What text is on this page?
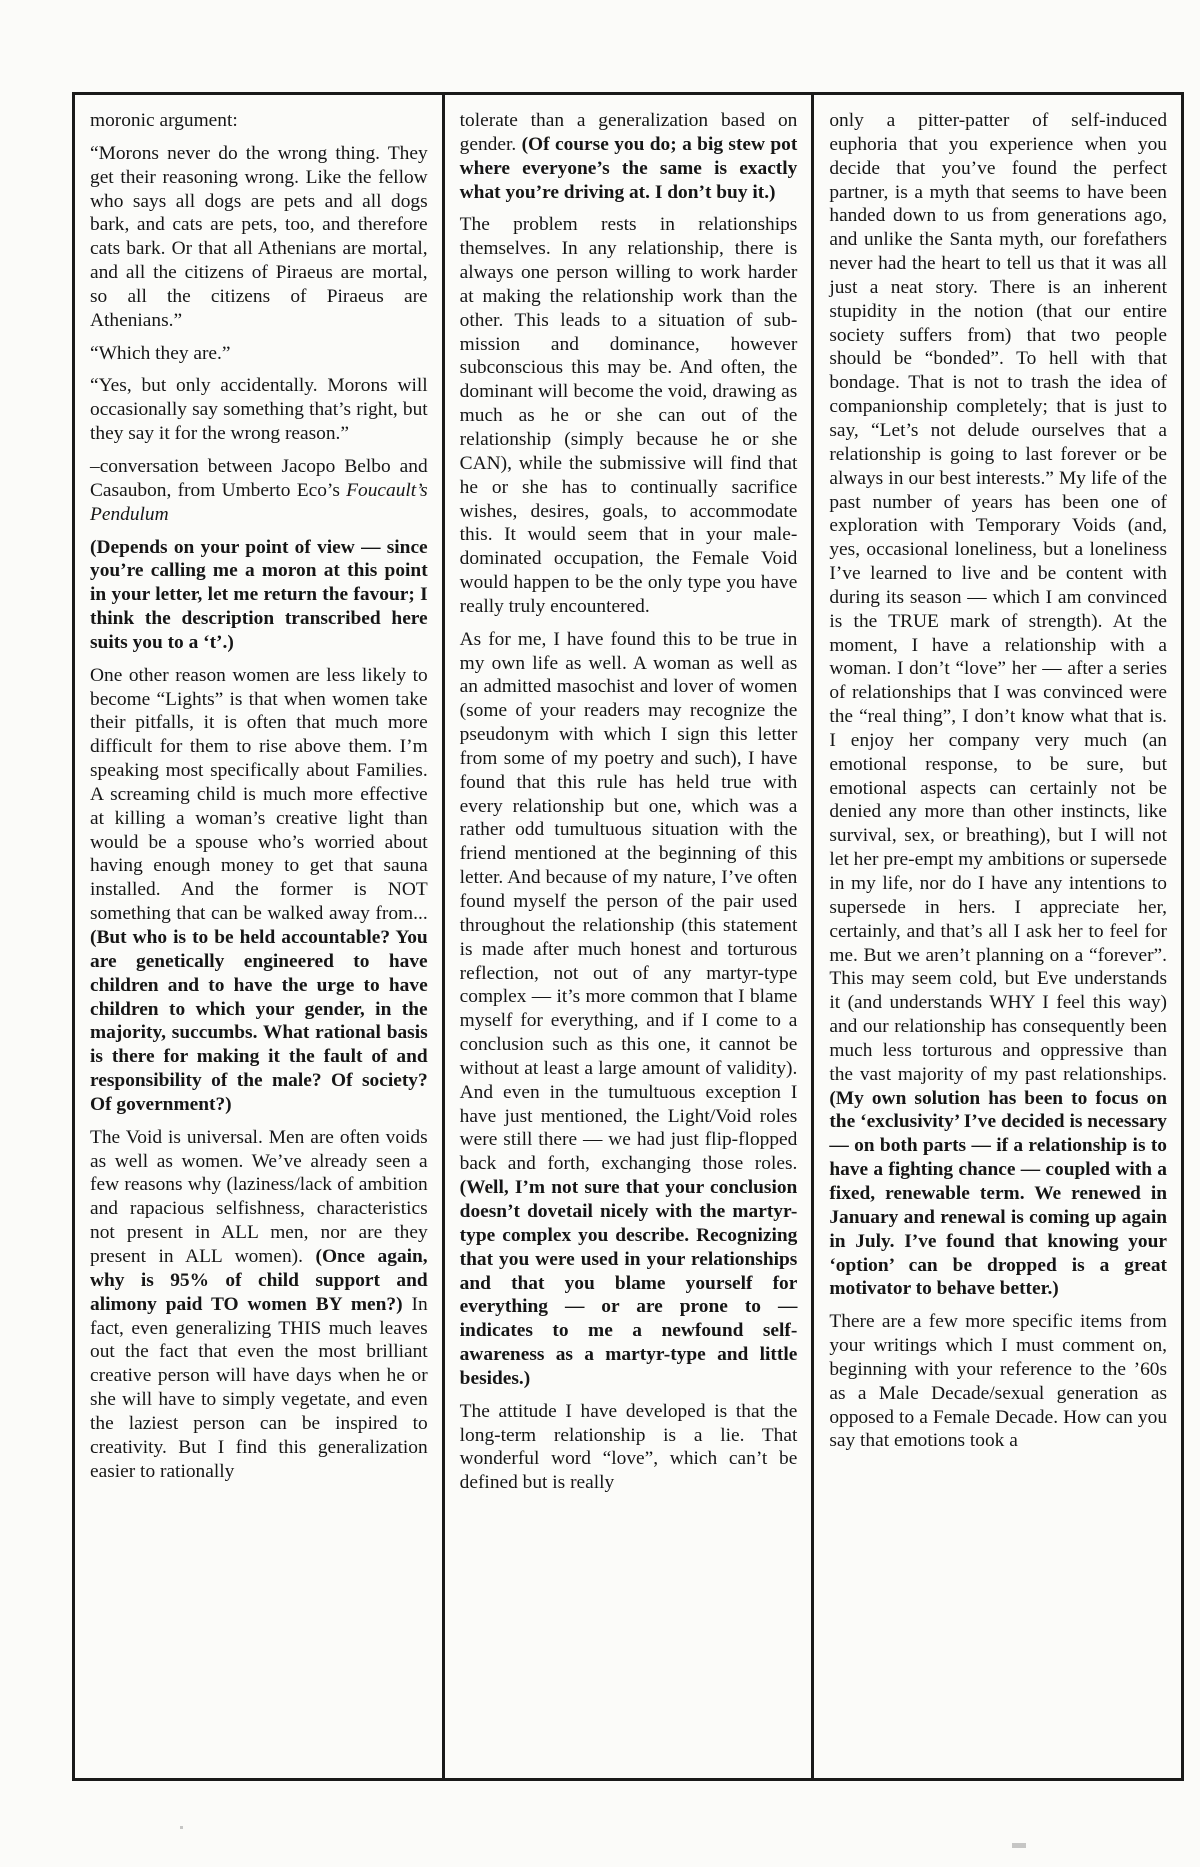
moronic argument:

“Morons never do the wrong thing. They get their reasoning wrong. Like the fellow who says all dogs are pets and all dogs bark, and cats are pets, too, and therefore cats bark. Or that all Athenians are mortal, and all the citizens of Piraeus are mortal, so all the citizens of Piraeus are Athenians.”

“Which they are.”

“Yes, but only accidentally. Morons will occasionally say something that’s right, but they say it for the wrong reason.”

–conversation between Jacopo Belbo and Casaubon, from Umberto Eco’s Foucault’s Pendulum

(Depends on your point of view — since you’re calling me a moron at this point in your letter, let me return the favour; I think the description transcribed here suits you to a ‘t’.)

One other reason women are less likely to become “Lights” is that when women take their pitfalls, it is often that much more difficult for them to rise above them. I’m speaking most specifically about Families. A screaming child is much more effective at killing a woman’s creative light than would be a spouse who’s worried about having enough money to get that sauna installed. And the former is NOT something that can be walked away from... (But who is to be held accountable? You are genetically engineered to have children and to have the urge to have children to which your gender, in the majority, succumbs. What rational basis is there for making it the fault of and responsibility of the male? Of society? Of government?)

The Void is universal. Men are often voids as well as women. We’ve already seen a few reasons why (laziness/lack of ambition and rapacious selfishness, characteristics not present in ALL men, nor are they present in ALL women). (Once again, why is 95% of child support and alimony paid TO women BY men?) In fact, even generalizing THIS much leaves out the fact that even the most brilliant creative person will have days when he or she will have to simply vegetate, and even the laziest person can be inspired to creativity. But I find this generalization easier to rationally

tolerate than a generalization based on gender. (Of course you do; a big stew pot where everyone’s the same is exactly what you’re driving at. I don’t buy it.)

The problem rests in relationships themselves. In any relationship, there is always one person willing to work harder at making the relationship work than the other. This leads to a situation of submission and dominance, however subconscious this may be. And often, the dominant will become the void, drawing as much as he or she can out of the relationship (simply because he or she CAN), while the submissive will find that he or she has to continually sacrifice wishes, desires, goals, to accommodate this. It would seem that in your male-dominated occupation, the Female Void would happen to be the only type you have really truly encountered.

As for me, I have found this to be true in my own life as well. A woman as well as an admitted masochist and lover of women (some of your readers may recognize the pseudonym with which I sign this letter from some of my poetry and such), I have found that this rule has held true with every relationship but one, which was a rather odd tumultuous situation with the friend mentioned at the beginning of this letter. And because of my nature, I’ve often found myself the person of the pair used throughout the relationship (this statement is made after much honest and torturous reflection, not out of any martyr-type complex — it’s more common that I blame myself for everything, and if I come to a conclusion such as this one, it cannot be without at least a large amount of validity). And even in the tumultuous exception I have just mentioned, the Light/Void roles were still there — we had just flip-flopped back and forth, exchanging those roles. (Well, I’m not sure that your conclusion doesn’t dovetail nicely with the martyr-type complex you describe. Recognizing that you were used in your relationships and that you blame yourself for everything — or are prone to — indicates to me a newfound self-awareness as a martyr-type and little besides.)

The attitude I have developed is that the long-term relationship is a lie. That wonderful word “love”, which can’t be defined but is really

only a pitter-patter of self-induced euphoria that you experience when you decide that you’ve found the perfect partner, is a myth that seems to have been handed down to us from generations ago, and unlike the Santa myth, our forefathers never had the heart to tell us that it was all just a neat story. There is an inherent stupidity in the notion (that our entire society suffers from) that two people should be “bonded”. To hell with that bondage. That is not to trash the idea of companionship completely; that is just to say, “Let’s not delude ourselves that a relationship is going to last forever or be always in our best interests.” My life of the past number of years has been one of exploration with Temporary Voids (and, yes, occasional loneliness, but a loneliness I’ve learned to live and be content with during its season — which I am convinced is the TRUE mark of strength). At the moment, I have a relationship with a woman. I don’t “love” her — after a series of relationships that I was convinced were the “real thing”, I don’t know what that is. I enjoy her company very much (an emotional response, to be sure, but emotional aspects can certainly not be denied any more than other instincts, like survival, sex, or breathing), but I will not let her pre-empt my ambitions or supersede in my life, nor do I have any intentions to supersede in hers. I appreciate her, certainly, and that’s all I ask her to feel for me. But we aren’t planning on a “forever”. This may seem cold, but Eve understands it (and understands WHY I feel this way) and our relationship has consequently been much less torturous and oppressive than the vast majority of my past relationships. (My own solution has been to focus on the ‘exclusivity’ I’ve decided is necessary — on both parts — if a relationship is to have a fighting chance — coupled with a fixed, renewable term. We renewed in January and renewal is coming up again in July. I’ve found that knowing your ‘option’ can be dropped is a great motivator to behave better.)

There are a few more specific items from your writings which I must comment on, beginning with your reference to the ’60s as a Male Decade/sexual generation as opposed to a Female Decade. How can you say that emotions took a
